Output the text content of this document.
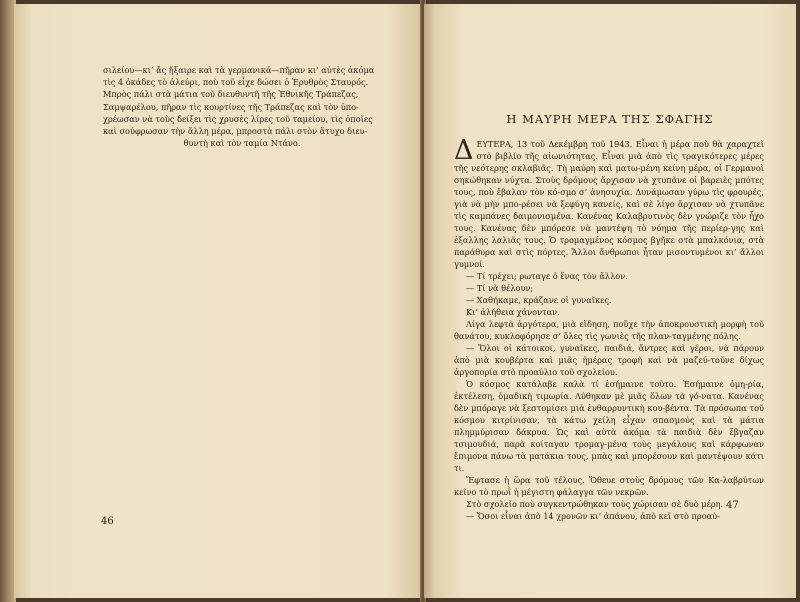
σιλείου—κι’ ἄς ἤξαιρε καὶ τὰ γερμανικά—πῆραν κι’ αὐτὲς ἀκόμα

τὶς 4 ὀκάδες τὸ ἀλεύρι, ποὺ τοῦ εἶχε δώσει ὁ Ἐρυθρὸς Σταυρός.

Μπρὸς πάλι στὰ μάτια τοῦ διευθυντῆ τῆς Ἐθνικῆς Τράπεζας,

Σαμψαρέλου, πῆραν τὶς κουρτίνες τῆς Τράπεζας καὶ τὸν ὑπο-

χρέωσαν νὰ τοὺς δείξει τὶς χρυσὲς λίρες τοῦ ταμείου, τὶς ὁποῖες

καὶ σούφρωσαν τὴν ἄλλη μέρα, μπροστὰ πάλι στὸν ἄτυχο διευ-

θυντὴ καὶ τὸν ταμία Ντάνο.

46
Η ΜΑΥΡΗ ΜΕΡΑ ΤΗΣ ΣΦΑΓΗΣ

ΔΕΥΤΕΡΑ, 13 τοῦ Δεκέμβρη τοῦ 1943. Εἶναι ἡ μέρα ποὺ θὰ χαραχτεῖ στὸ βιβλίο τῆς αἰωνιότητας. Εἶναι μιὰ ἀπὸ τὶς τραγικότερες μέρες τῆς νεότερης σκλαβιᾶς. Τὴ μαύρη καὶ ματω-μένη κείνη μέρα, οἱ Γερμανοὶ σηκώθηκαν νύχτα. Στοὺς δρόμους ἄρχισαν νὰ χτυπᾶνε οἱ βαρειὲς μπότες τους, ποὺ ἔβαλαν τὸν κό-σμο σ’ ἀνησυχία. Δυνάμωσαν γύρω τὶς φρουρές, γιὰ νὰ μὴν μπο-ρέσει νὰ ξεφύγη κανείς, καὶ σὲ λίγο ἄρχισαν νὰ χτυπᾶνε τὶς καμπάνες δαιμονισμένα. Κανένας Καλαβρυτινὸς δὲν γνώριζε τὸν ἦχο τους. Κανένας δὲν μπόρεσε νὰ μαντέψη τὸ νόημα τῆς περίερ-γης καὶ ἐξαλλης λαλιᾶς τους. Ὁ τρομαγμένος κόσμος βγῆκε στὰ μπαλκόνια, στὰ παράθυρα καὶ στὶς πόρτες. Ἄλλοι ἄνθρωποι ἦταν μισοντυμένοι κι’ ἄλλοι γυμνοί.

— Τί τρέχει; ρωταγε ὁ ἕνας τὸν ἄλλον.

— Τί νὰ θέλουν;

— Χαθήκαμε, κράζανε οἱ γυναῖκες.

Κι’ ἀλήθεια χάνονταν.

Λίγα λεφτὰ ἀργότερα, μιὰ εἴδηση, ποὔχε τὴν ἀποκρουστικὴ μορφὴ τοῦ θανάτου, κυκλοφόρησε σ’ ὅλες τὶς γωνιὲς τῆς πλαν-ταγμένης πόλης.

— Ὅλοι οἱ κάτοικοι, γυναῖκες, παιδιά, ἄντρες καὶ γέροι, νὰ πάρουν ἀπὸ μιὰ κουβέρτα καὶ μιᾶς ἡμέρας τροφὴ καὶ νὰ μαζεύ-τοῦνε δίχως ἀργοπορία στὸ προαύλιο τοῦ σχολείου.

Ὁ κόσμος κατάλαβε καλὰ τί ἐσήμαινε τοῦτο. Ἐσήμαινε ὁμη-ρία, ἐκτέλεση, ὁμαδικὴ τιμωρία. Λύθηκαν μὲ μιᾶς ὅλων τὰ γό-νατα. Κανένας δὲν μπόραγε νὰ ξεστομίσει μιὰ ἐνθαρρυντικὴ κου-βέντα. Τὰ πρόσωπα τοῦ κόσμου κιτρίνισαν, τὰ κάτω χείλη εἶχαν σπασμούς καὶ τὰ μάτια πλημμύρισαν δάκρυα. Ὡς καὶ αὐτὰ ἀκόμα τὰ παιδιὰ δὲν ἔβγαζαν τσιμουδιά, παρὰ κοίταγαν τρομαγ-μένα τοὺς μεγάλους καὶ κάρφωναν ἔπιμονα πάνω τὰ ματάκια τους, μπὰς καὶ μπορέσουν καὶ μαντέψουν κάτι τι.

Ἔφτασε ἡ ὥρα τοῦ τέλους. Ὅθευε στοὺς δρόμους τῶν Κα-λαβρύτων κεῖνο τὸ πρωῒ ἡ μέγιστη φάλαγγα τῶν νεκρῶν.

Στὸ σχολεῖο ποὺ συγκεντρώθηκαν τοὺς χώρισαν σὲ δυὸ μέρη.

— Ὅσοι εἶναι ἀπὸ 14 χρονῶν κι’ ἀπάνου, ἀπὸ κεῖ στὸ προαύ-

47
